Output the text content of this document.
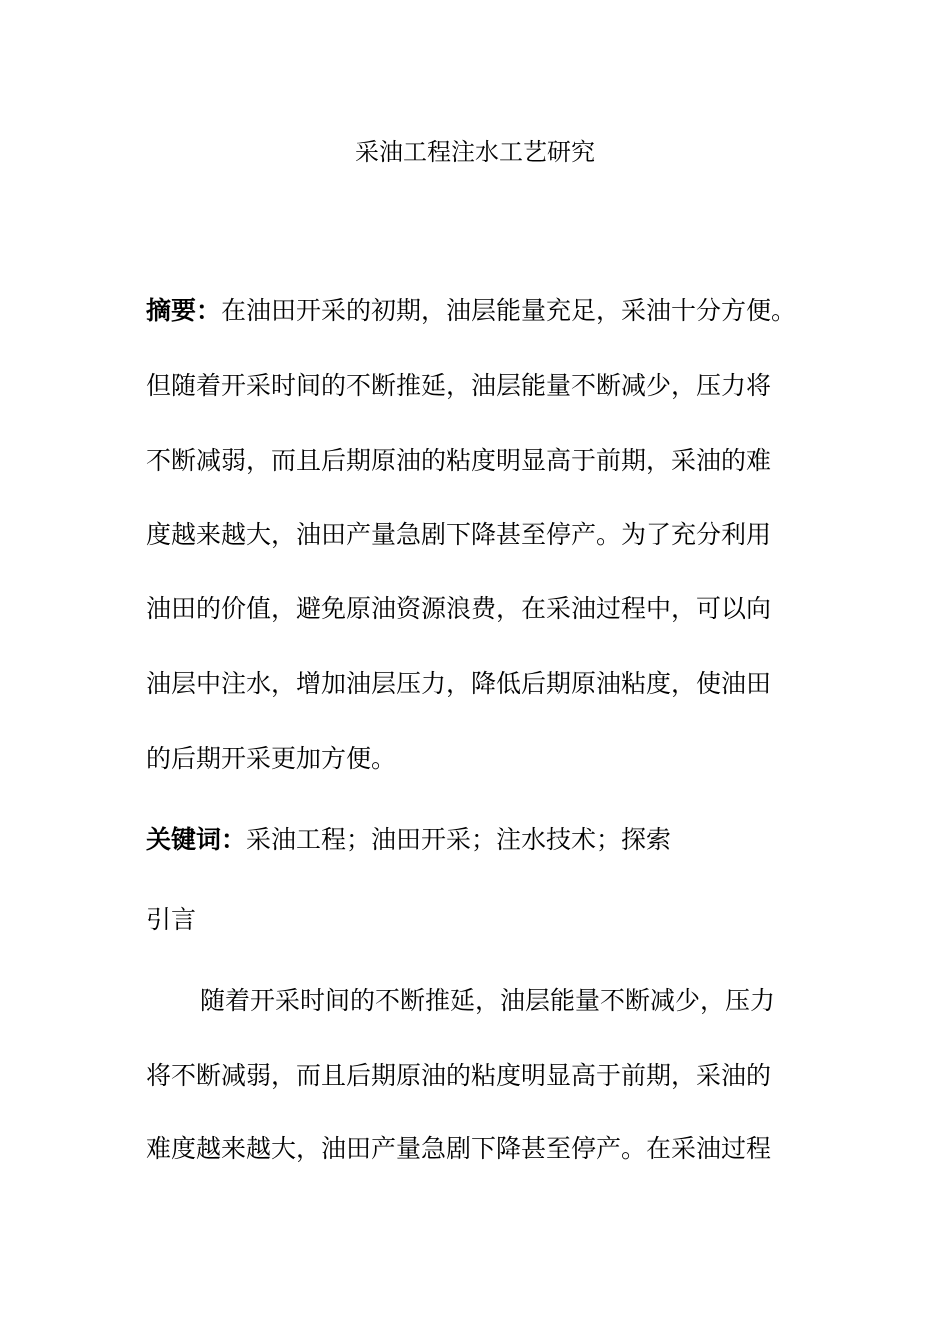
采油工程注水工艺研究
摘要：在油田开采的初期，油层能量充足，采油十分方便。
但随着开采时间的不断推延，油层能量不断减少，压力将
不断减弱，而且后期原油的粘度明显高于前期，采油的难
度越来越大，油田产量急剧下降甚至停产。为了充分利用
油田的价值，避免原油资源浪费，在采油过程中，可以向
油层中注水，增加油层压力，降低后期原油粘度，使油田
的后期开采更加方便。
关键词：采油工程；油田开采；注水技术；探索
引言
随着开采时间的不断推延，油层能量不断减少，压力
将不断减弱，而且后期原油的粘度明显高于前期，采油的
难度越来越大，油田产量急剧下降甚至停产。在采油过程
